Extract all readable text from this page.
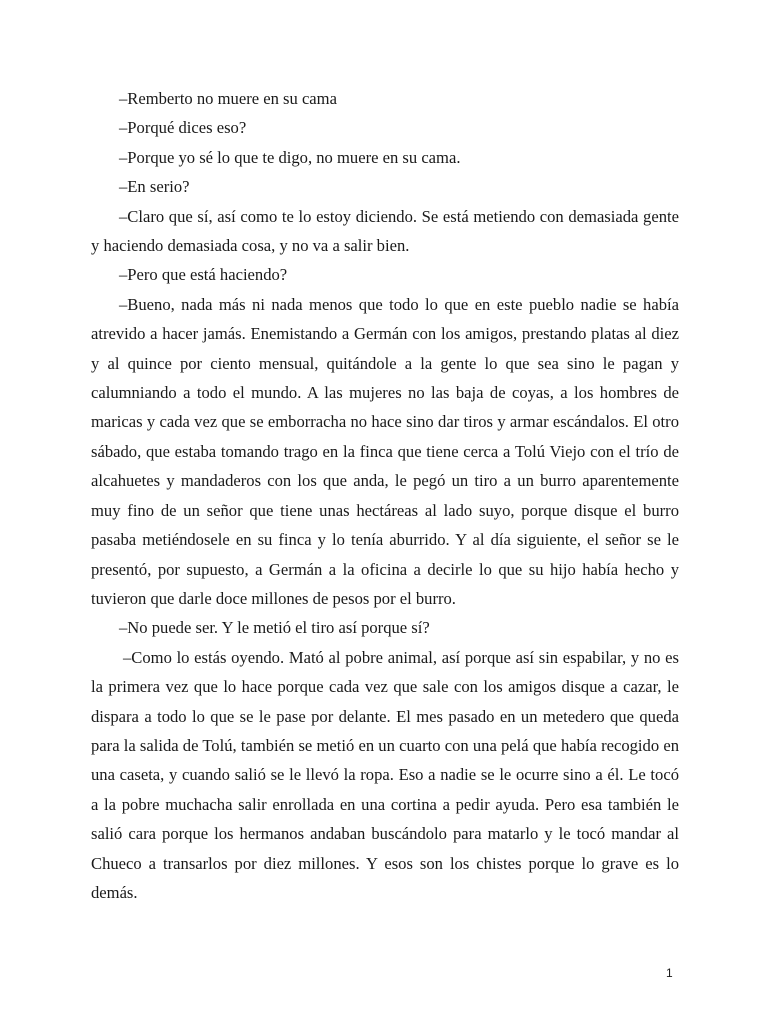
–Remberto no muere en su cama

–Porqué dices eso?

–Porque yo sé lo que te digo, no muere en su cama.

–En serio?

–Claro que sí, así como te lo estoy diciendo. Se está metiendo con demasiada gente y haciendo demasiada cosa, y no va a salir bien.

–Pero que está haciendo?

–Bueno, nada más ni nada menos que todo lo que en este pueblo nadie se había atrevido a hacer jamás. Enemistando a Germán con los amigos, prestando platas al diez y al quince por ciento mensual, quitándole a la gente lo que sea sino le pagan y calumniando a todo el mundo. A las mujeres no las baja de coyas, a los hombres de maricas y cada vez que se emborracha no hace sino dar tiros y armar escándalos. El otro sábado, que estaba tomando trago en la finca que tiene cerca a Tolú Viejo con el trío de alcahuetes y mandaderos con los que anda, le pegó un tiro a un burro aparentemente muy fino de un señor que tiene unas hectáreas al lado suyo, porque disque el burro pasaba metiéndosele en su finca y lo tenía aburrido. Y al día siguiente, el señor se le presentó, por supuesto, a Germán a la oficina a decirle lo que su hijo había hecho y tuvieron que darle doce millones de pesos por el burro.

–No puede ser. Y le metió el tiro así porque sí?

–Como lo estás oyendo. Mató al pobre animal, así porque así sin espabilar, y no es la primera vez que lo hace porque cada vez que sale con los amigos disque a cazar, le dispara a todo lo que se le pase por delante. El mes pasado en un metedero que queda para la salida de Tolú, también se metió en un cuarto con una pelá que había recogido en una caseta, y cuando salió se le llevó la ropa. Eso a nadie se le ocurre sino a él. Le tocó a la pobre muchacha salir enrollada en una cortina a pedir ayuda. Pero esa también le salió cara porque los hermanos andaban buscándolo para matarlo y le tocó mandar al Chueco a transarlos por diez millones. Y esos son los chistes porque lo grave es lo demás.

1
